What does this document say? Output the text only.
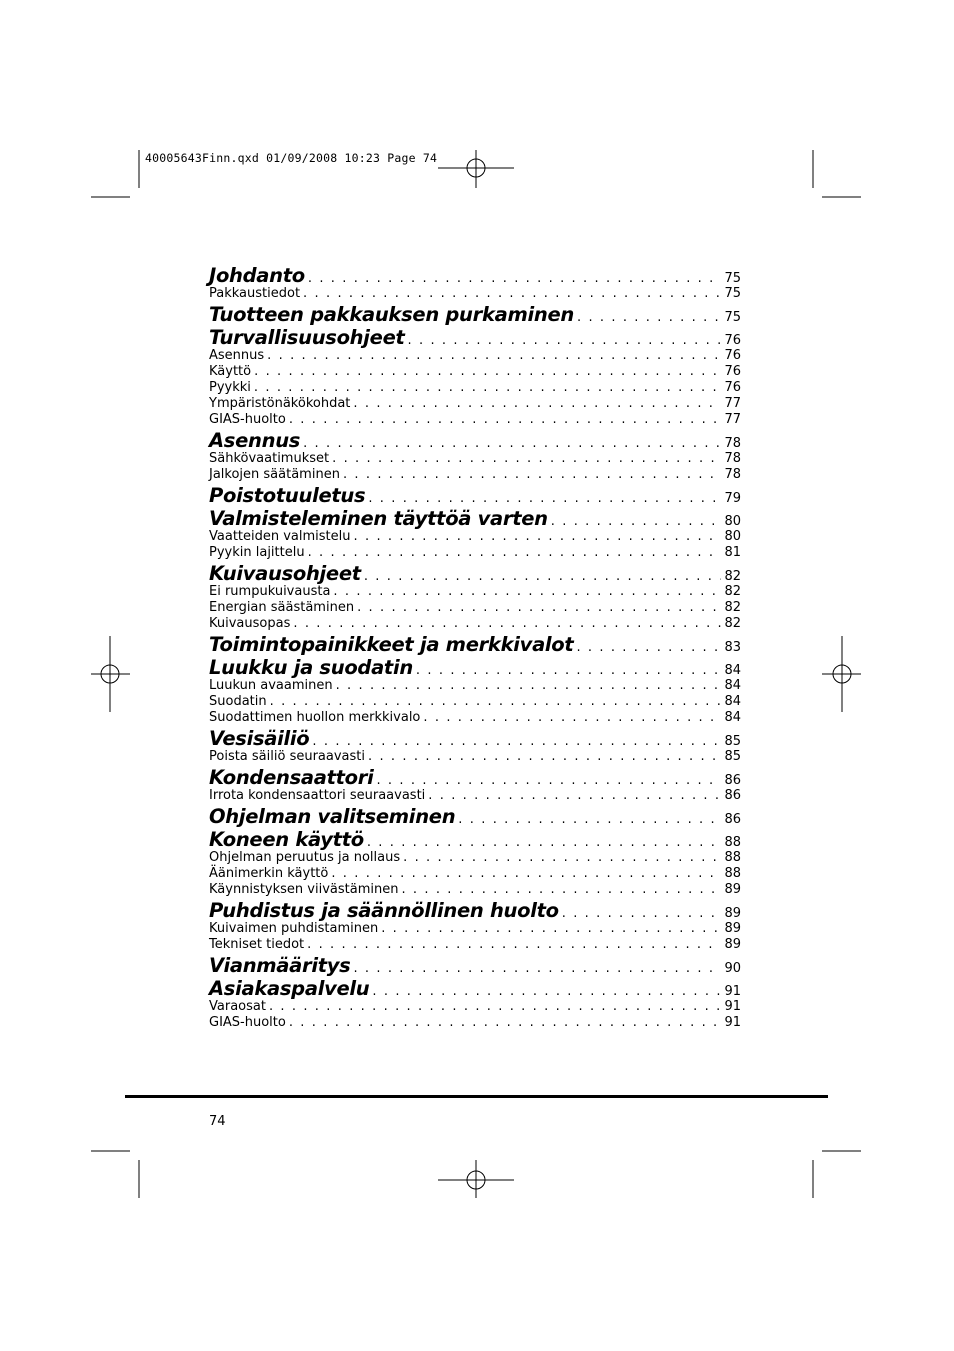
40005643Finn.qxd 01/09/2008 10:23 Page 74
Johdanto . . .	75
Pakkaustiedot . . .	75
Tuotteen pakkauksen purkaminen . . .	75
Turvallisuusohjeet . . .	76
Asennus . . .	76
Käyttö . . .	76
Pyykki . . .	76
Ympäristönäkökohdat . . .	77
GIAS-huolto . . .	77
Asennus . . .	78
Sähkövaatimukset . . .	78
Jalkojen säätäminen . . .	78
Poistotuuletus . . .	79
Valmisteleminen täyttöä varten . . .	80
Vaatteiden valmistelu . . .	80
Pyykin lajittelu . . .	81
Kuivausohjeet . . .	82
Ei rumpukuivausta . . .	82
Energian säästäminen . . .	82
Kuivausopas . . .	82
Toimintopainikkeet ja merkkivalot . . .	83
Luukku ja suodatin . . .	84
Luukun avaaminen . . .	84
Suodatin . . .	84
Suodattimen huollon merkkivalo . . .	84
Vesisäiliö . . .	85
Poista säiliö seuraavasti . . .	85
Kondensaattori . . .	86
Irrota kondensaattori seuraavasti . . .	86
Ohjelman valitseminen . . .	86
Koneen käyttö . . .	88
Ohjelman peruutus ja nollaus . . .	88
Äänimerkin käyttö . . .	88
Käynnistyksen viivästäminen . . .	89
Puhdistus ja säännöllinen huolto . . .	89
Kuivaimen puhdistaminen . . .	89
Tekniset tiedot . . .	89
Vianmääritys . . .	90
Asiakaspalvelu . . .	91
Varaosat . . .	91
GIAS-huolto . . .	91
74
